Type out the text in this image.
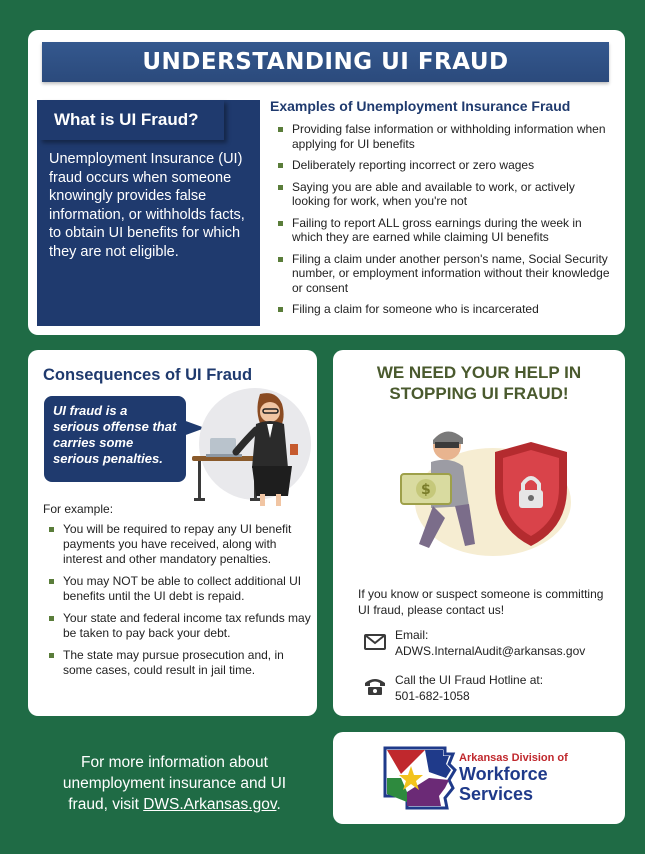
UNDERSTANDING UI FRAUD
What is UI Fraud?
Unemployment Insurance (UI) fraud occurs when someone knowingly provides false information, or withholds facts, to obtain UI benefits for which they are not eligible.
Examples of Unemployment Insurance Fraud
Providing false information or withholding information when applying for UI benefits
Deliberately reporting incorrect or zero wages
Saying you are able and available to work, or actively looking for work, when you're not
Failing to report ALL gross earnings during the week in which they are earned while claiming UI benefits
Filing a claim under another person's name, Social Security number, or employment information without their knowledge or consent
Filing a claim for someone who is incarcerated
Consequences of UI Fraud
UI fraud is a serious offense that carries some serious penalties.
For example:
You will be required to repay any UI benefit payments you have received, along with interest and other mandatory penalties.
You may NOT be able to collect additional UI benefits until the UI debt is repaid.
Your state and federal income tax refunds may be taken to pay back your debt.
The state may pursue prosecution and, in some cases, could result in jail time.
WE NEED YOUR HELP IN
STOPPING UI FRAUD!
$
If you know or suspect someone is committing UI fraud, please contact us!
Email:
ADWS.InternalAudit@arkansas.gov
Call the UI Fraud Hotline at:
501-682-1058
For more information about
unemployment insurance and UI
fraud, visit DWS.Arkansas.gov.
Arkansas Division of
Workforce
Services
